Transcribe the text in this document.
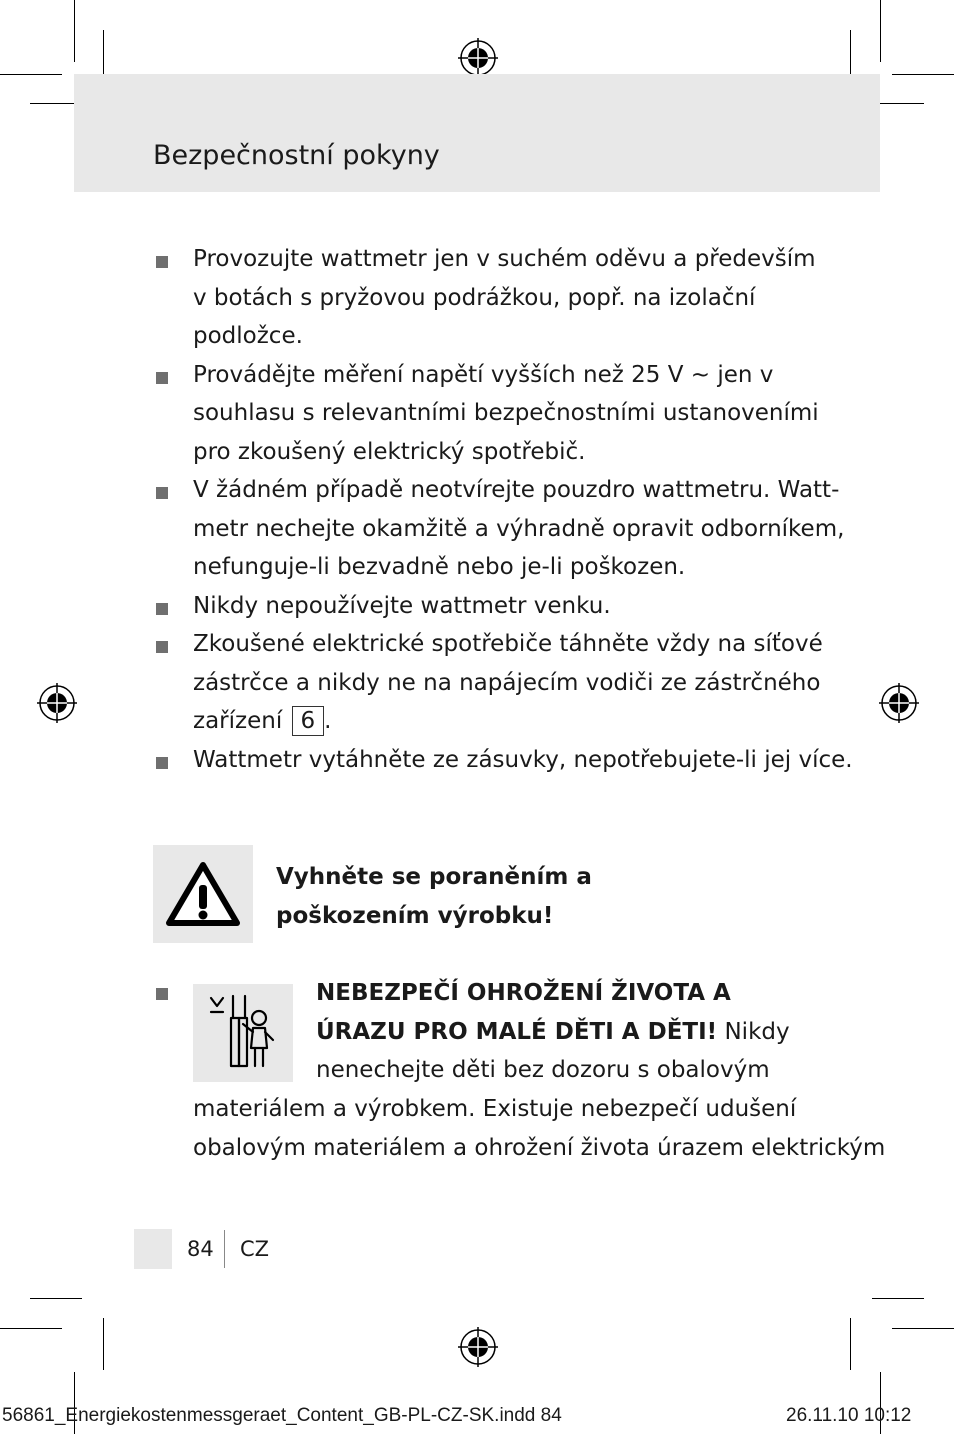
Bezpečnostní pokyny
Provozujte wattmetr jen v suchém oděvu a především
v botách s pryžovou podrážkou, popř. na izolační
podložce.
Provádějte měření napětí vyšších než 25 V ~ jen v
souhlasu s relevantními bezpečnostními ustanoveními
pro zkoušený elektrický spotřebič.
V žádném případě neotvírejte pouzdro wattmetru. Watt-
metr nechejte okamžitě a výhradně opravit odborníkem,
nefunguje-li bezvadně nebo je-li poškozen.
Nikdy nepoužívejte wattmetr venku.
Zkoušené elektrické spotřebiče táhněte vždy na síťové
zástrčce a nikdy ne na napájecím vodiči ze zástrčného
zařízení 6 .
Wattmetr vytáhněte ze zásuvky, nepotřebujete-li jej více.
Vyhněte se poraněním a
poškozením výrobku!
NEBEZPEČÍ OHROŽENÍ ŽIVOTA A
ÚRAZU PRO MALÉ DĚTI A DĚTI! Nikdy
nenechejte děti bez dozoru s obalovým
materiálem a výrobkem. Existuje nebezpečí udušení
obalovým materiálem a ohrožení života úrazem elektrickým
84 CZ
56861_Energiekostenmessgeraet_Content_GB-PL-CZ-SK.indd 84	26.11.10 10:12
